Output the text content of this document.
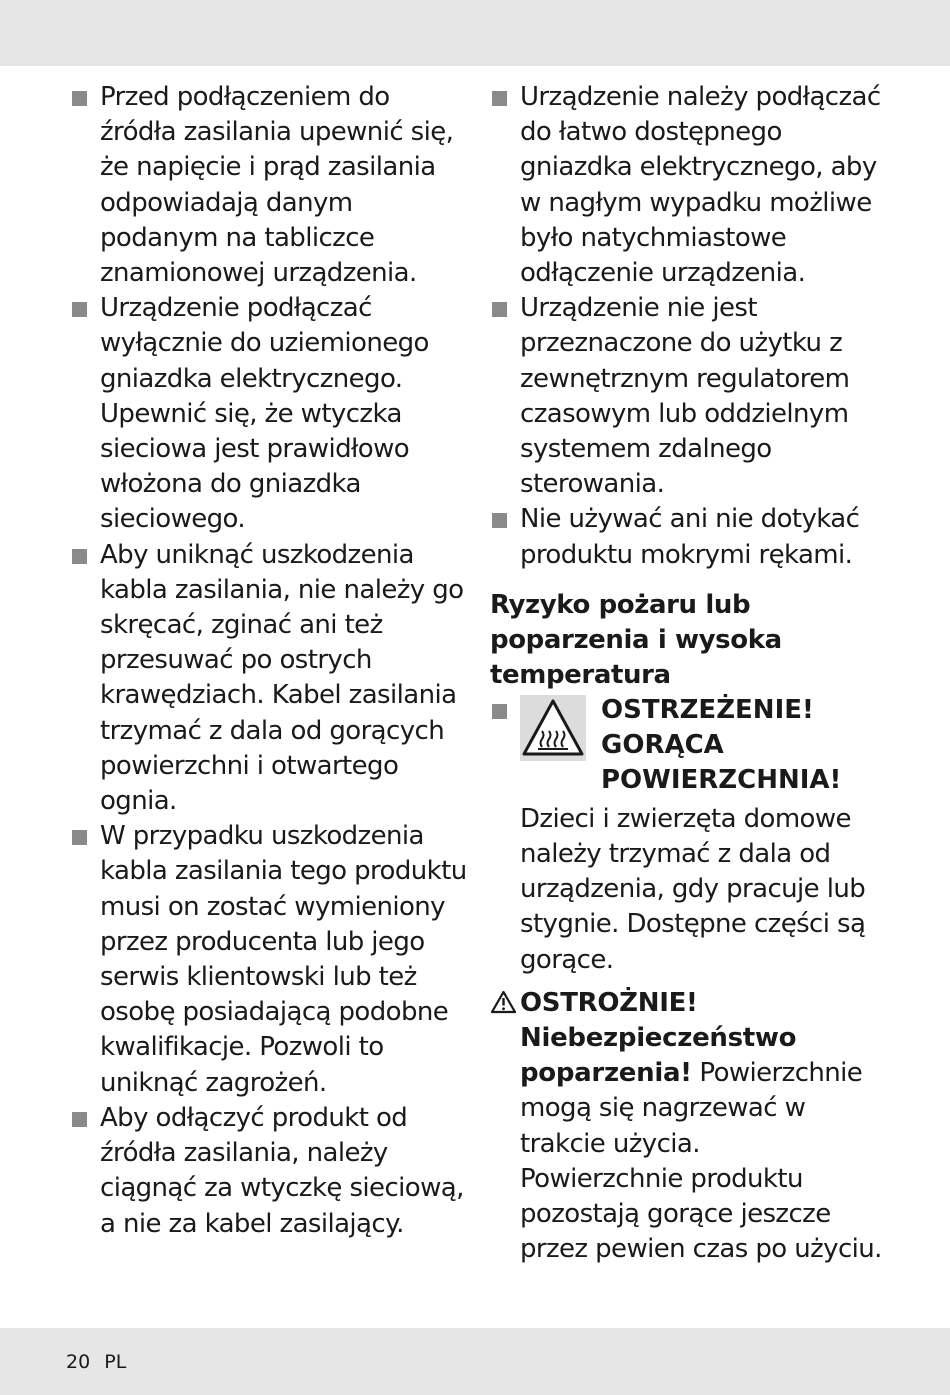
Przed podłączeniem do źródła zasilania upewnić się, że napięcie i prąd zasilania odpowiadają danym podanym na tabliczce znamionowej urządzenia.
Urządzenie podłączać wyłącznie do uziemionego gniazdka elektrycznego. Upewnić się, że wtyczka sieciowa jest prawidłowo włożona do gniazdka sieciowego.
Aby uniknąć uszkodzenia kabla zasilania, nie należy go skręcać, zginać ani też przesuwać po ostrych krawędziach. Kabel zasilania trzymać z dala od gorących powierzchni i otwartego ognia.
W przypadku uszkodzenia kabla zasilania tego produktu musi on zostać wymieniony przez producenta lub jego serwis klientowski lub też osobę posiadającą podobne kwalifikacje. Pozwoli to uniknąć zagrożeń.
Aby odłączyć produkt od źródła zasilania, należy ciągnąć za wtyczkę sieciową, a nie za kabel zasilający.
Urządzenie należy podłączać do łatwo dostępnego gniazdka elektrycznego, aby w nagłym wypadku możliwe było natychmiastowe odłączenie urządzenia.
Urządzenie nie jest przeznaczone do użytku z zewnętrznym regulatorem czasowym lub oddzielnym systemem zdalnego sterowania.
Nie używać ani nie dotykać produktu mokrymi rękami.
Ryzyko pożaru lub poparzenia i wysoka temperatura
OSTRZEŻENIE! GORĄCA POWIERZCHNIA!
Dzieci i zwierzęta domowe należy trzymać z dala od urządzenia, gdy pracuje lub stygnie. Dostępne części są gorące.
OSTROŻNIE! Niebezpieczeństwo poparzenia! Powierzchnie mogą się nagrzewać w trakcie użycia.
Powierzchnie produktu pozostają gorące jeszcze przez pewien czas po użyciu.
20 PL
